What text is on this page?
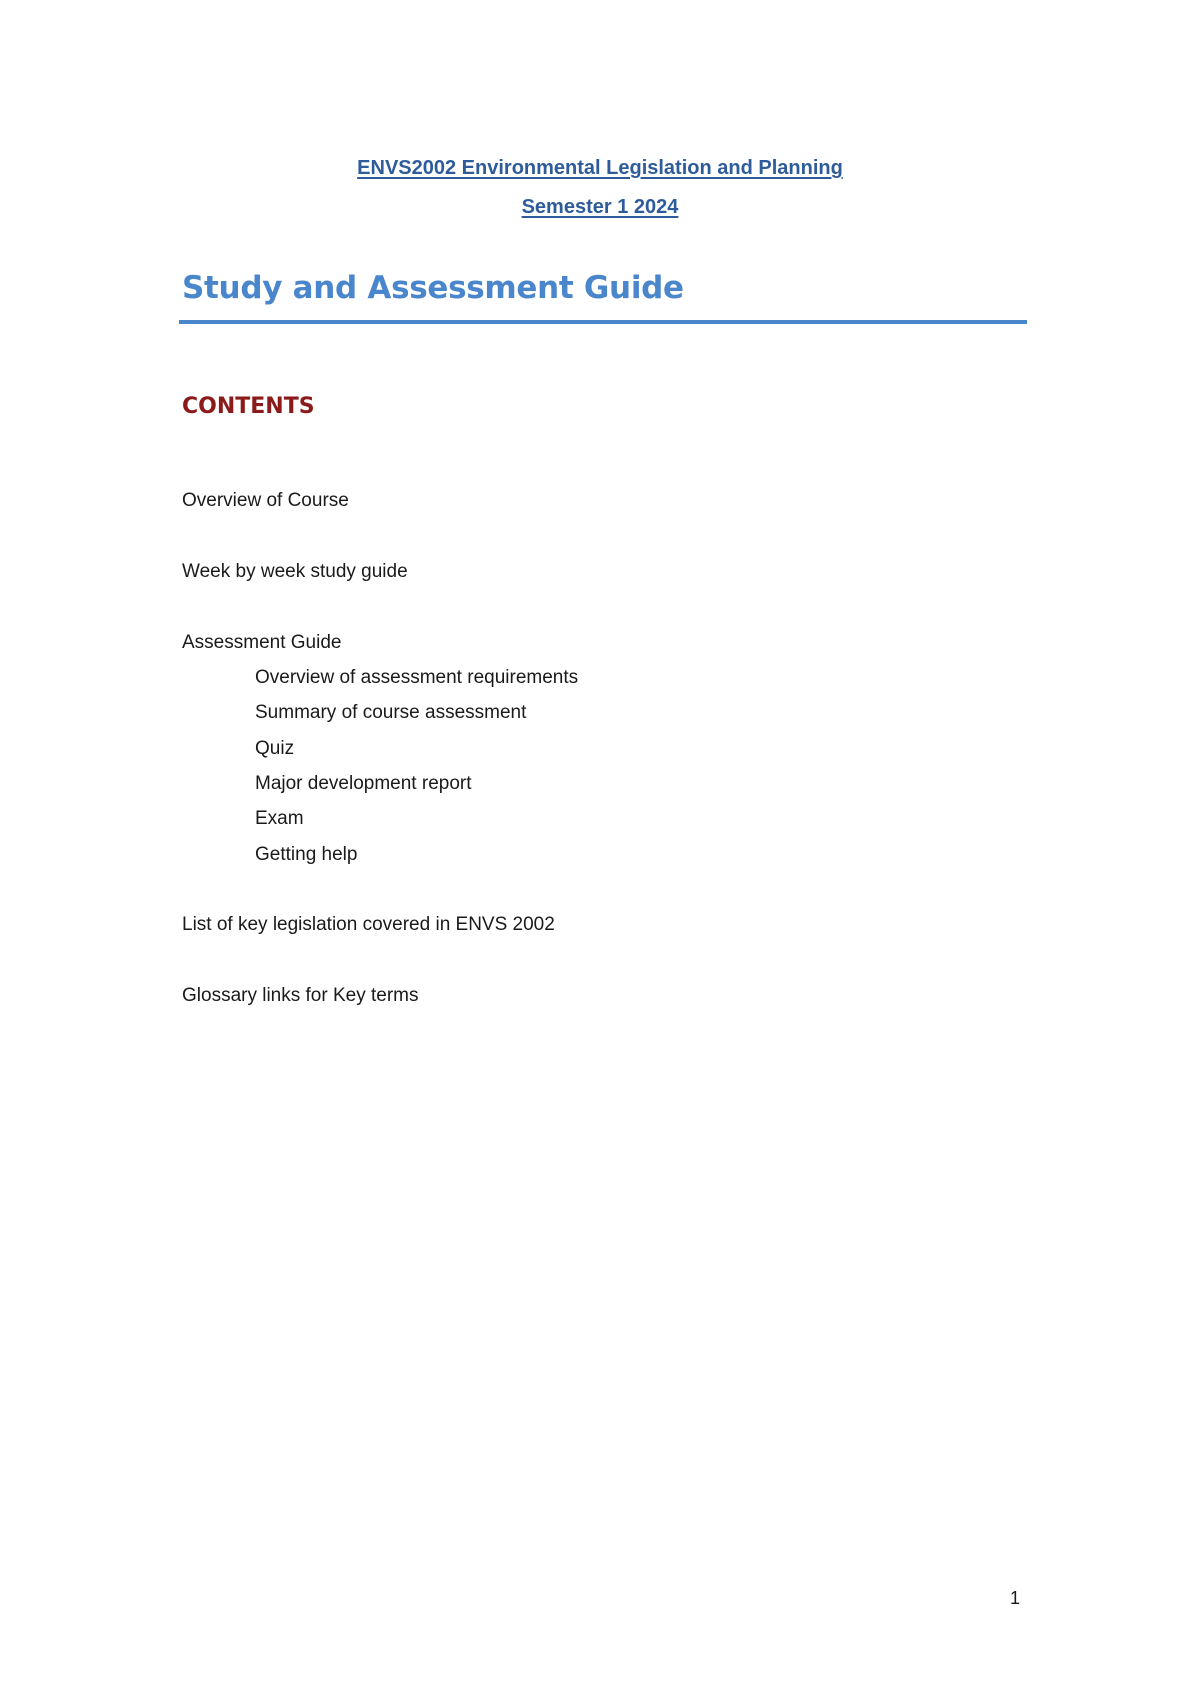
ENVS2002 Environmental Legislation and Planning
Semester 1 2024
Study and Assessment Guide
CONTENTS
Overview of Course
Week by week study guide
Assessment Guide
Overview of assessment requirements
Summary of course assessment
Quiz
Major development report
Exam
Getting help
List of key legislation covered in ENVS 2002
Glossary links for Key terms
1
